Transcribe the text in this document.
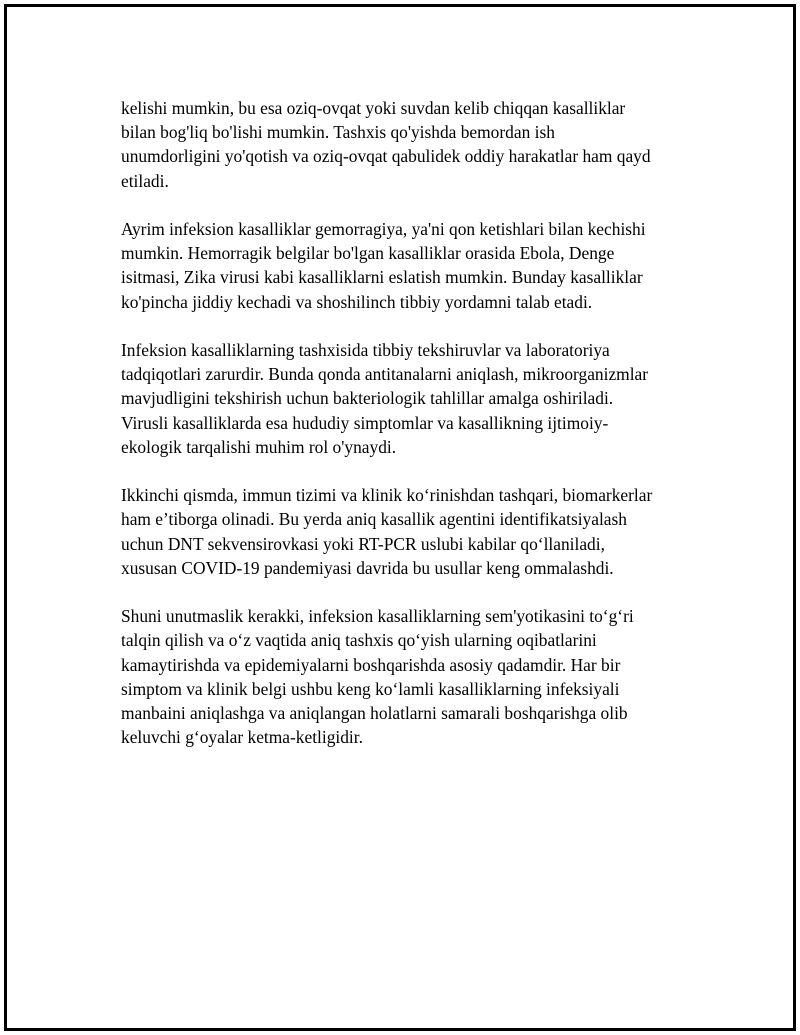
kelishi mumkin, bu esa oziq-ovqat yoki suvdan kelib chiqqan kasalliklar
bilan bog'liq bo'lishi mumkin. Tashxis qo'yishda bemordan ish
unumdorligini yo'qotish va oziq-ovqat qabulidek oddiy harakatlar ham qayd
etiladi.

Ayrim infeksion kasalliklar gemorragiya, ya'ni qon ketishlari bilan kechishi
mumkin. Hemorragik belgilar bo'lgan kasalliklar orasida Ebola, Denge
isitmasi, Zika virusi kabi kasalliklarni eslatish mumkin. Bunday kasalliklar
ko'pincha jiddiy kechadi va shoshilinch tibbiy yordamni talab etadi.

Infeksion kasalliklarning tashxisida tibbiy tekshiruvlar va laboratoriya
tadqiqotlari zarurdir. Bunda qonda antitanalarni aniqlash, mikroorganizmlar
mavjudligini tekshirish uchun bakteriologik tahlillar amalga oshiriladi.
Virusli kasalliklarda esa hududiy simptomlar va kasallikning ijtimoiy-
ekologik tarqalishi muhim rol o'ynaydi.

Ikkinchi qismda, immun tizimi va klinik koʻrinishdan tashqari, biomarkerlar
ham e’tiborga olinadi. Bu yerda aniq kasallik agentini identifikatsiyalash
uchun DNT sekvensirovkasi yoki RT-PCR uslubi kabilar qoʻllaniladi,
xususan COVID-19 pandemiyasi davrida bu usullar keng ommalashdi.

Shuni unutmaslik kerakki, infeksion kasalliklarning sem'yotikasini toʻgʻri
talqin qilish va oʻz vaqtida aniq tashxis qoʻyish ularning oqibatlarini
kamaytirishda va epidemiyalarni boshqarishda asosiy qadamdir. Har bir
simptom va klinik belgi ushbu keng koʻlamli kasalliklarning infeksiyali
manbaini aniqlashga va aniqlangan holatlarni samarali boshqarishga olib
keluvchi gʻoyalar ketma-ketligidir.
